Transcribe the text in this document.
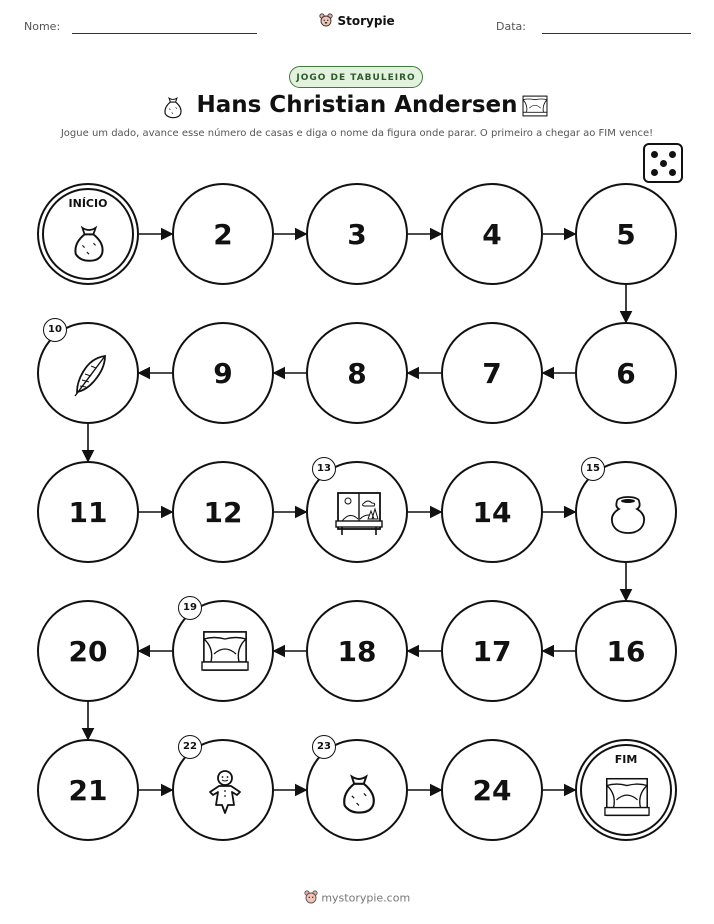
Nome:	Storypie	Data:
JOGO DE TABULEIRO
Hans Christian Andersen
Jogue um dado, avance esse número de casas e diga o nome da figura onde parar. O primeiro a chegar ao FIM vence!
INÍCIO
2	3	4	5
10
9	8	7	6
11	12
13
14
15
20
19
18	17	16
21
22	23
24
FIM
mystorypie.com
